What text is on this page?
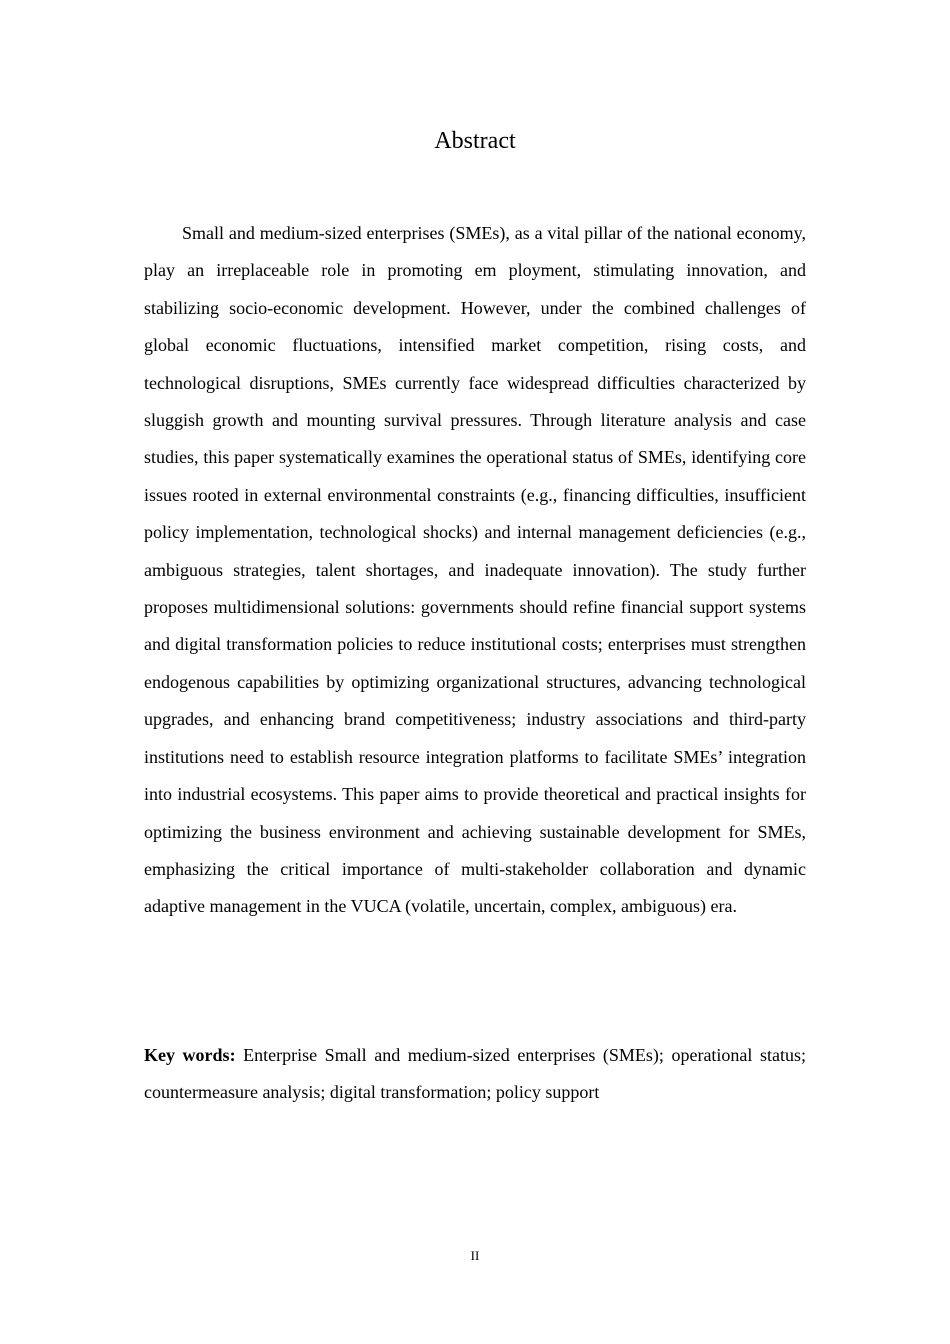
Abstract

Small and medium-sized enterprises (SMEs), as a vital pillar of the national economy, play an irreplaceable role in promoting em ployment, stimulating innovation, and stabilizing socio-economic development. However, under the combined challenges of global economic fluctuations, intensified market competition, rising costs, and technological disruptions, SMEs currently face widespread difficulties characterized by sluggish growth and mounting survival pressures. Through literature analysis and case studies, this paper systematically examines the operational status of SMEs, identifying core issues rooted in external environmental constraints (e.g., financing difficulties, insufficient policy implementation, technological shocks) and internal management deficiencies (e.g., ambiguous strategies, talent shortages, and inadequate innovation). The study further proposes multidimensional solutions: governments should refine financial support systems and digital transformation policies to reduce institutional costs; enterprises must strengthen endogenous capabilities by optimizing organizational structures, advancing technological upgrades, and enhancing brand competitiveness; industry associations and third-party institutions need to establish resource integration platforms to facilitate SMEs’ integration into industrial ecosystems. This paper aims to provide theoretical and practical insights for optimizing the business environment and achieving sustainable development for SMEs, emphasizing the critical importance of multi-stakeholder collaboration and dynamic adaptive management in the VUCA (volatile, uncertain, complex, ambiguous) era.

Key words: Enterprise Small and medium-sized enterprises (SMEs); operational status; countermeasure analysis; digital transformation; policy support

II
